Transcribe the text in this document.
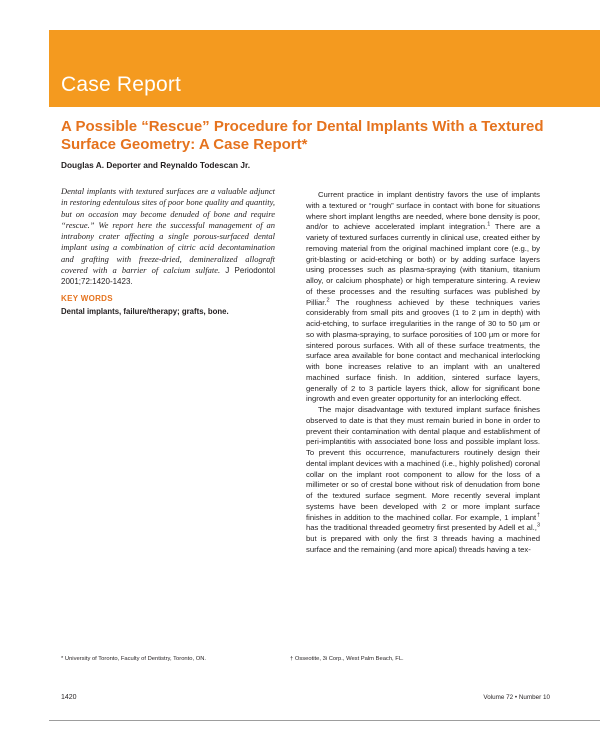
Case Report
A Possible “Rescue” Procedure for Dental Implants With a Textured Surface Geometry: A Case Report*

Douglas A. Deporter and Reynaldo Todescan Jr.

Dental implants with textured surfaces are a valuable adjunct in restoring edentulous sites of poor bone quality and quantity, but on occasion may become denuded of bone and require “rescue.” We report here the successful management of an intrabony crater affecting a single porous-surfaced dental implant using a combination of citric acid decontamination and grafting with freeze-dried, demineralized allograft covered with a barrier of calcium sulfate. J Periodontol 2001;72:1420-1423.

KEY WORDS

Dental implants, failure/therapy; grafts, bone.

Current practice in implant dentistry favors the use of implants with a textured or “rough” surface in contact with bone for situations where short implant lengths are needed, where bone density is poor, and/or to achieve accelerated implant integration.$^1$ There are a variety of textured surfaces currently in clinical use, created either by removing material from the original machined implant core (e.g., by grit-blasting or acid-etching or both) or by adding surface layers using processes such as plasma-spraying (with titanium, titanium alloy, or calcium phosphate) or high temperature sintering. A review of these processes and the resulting surfaces was published by Pilliar.$^2$ The roughness achieved by these techniques varies considerably from small pits and grooves (1 to 2 µm in depth) with acid-etching, to surface irregularities in the range of 30 to 50 µm or so with plasma-spraying, to surface porosities of 100 µm or more for sintered porous surfaces. With all of these surface treatments, the surface area available for bone contact and mechanical interlocking with bone increases relative to an implant with an unaltered machined surface finish. In addition, sintered surface layers, generally of 2 to 3 particle layers thick, allow for significant bone ingrowth and even greater opportunity for an interlocking effect.

The major disadvantage with textured implant surface finishes observed to date is that they must remain buried in bone in order to prevent their contamination with dental plaque and establishment of peri-implantitis with associated bone loss and possible implant loss. To prevent this occurrence, manufacturers routinely design their dental implant devices with a machined (i.e., highly polished) coronal collar on the implant root component to allow for the loss of a millimeter or so of crestal bone without risk of denudation from bone of the textured surface segment. More recently several implant systems have been developed with 2 or more implant surface finishes in addition to the machined collar. For example, 1 implant† has the traditional threaded geometry first presented by Adell et al.,$^3$ but is prepared with only the first 3 threads having a machined surface and the remaining (and more apical) threads having a tex-

* University of Toronto, Faculty of Dentistry, Toronto, ON.	† Osseotite, 3i Corp., West Palm Beach, FL.

1420	Volume 72 • Number 10
